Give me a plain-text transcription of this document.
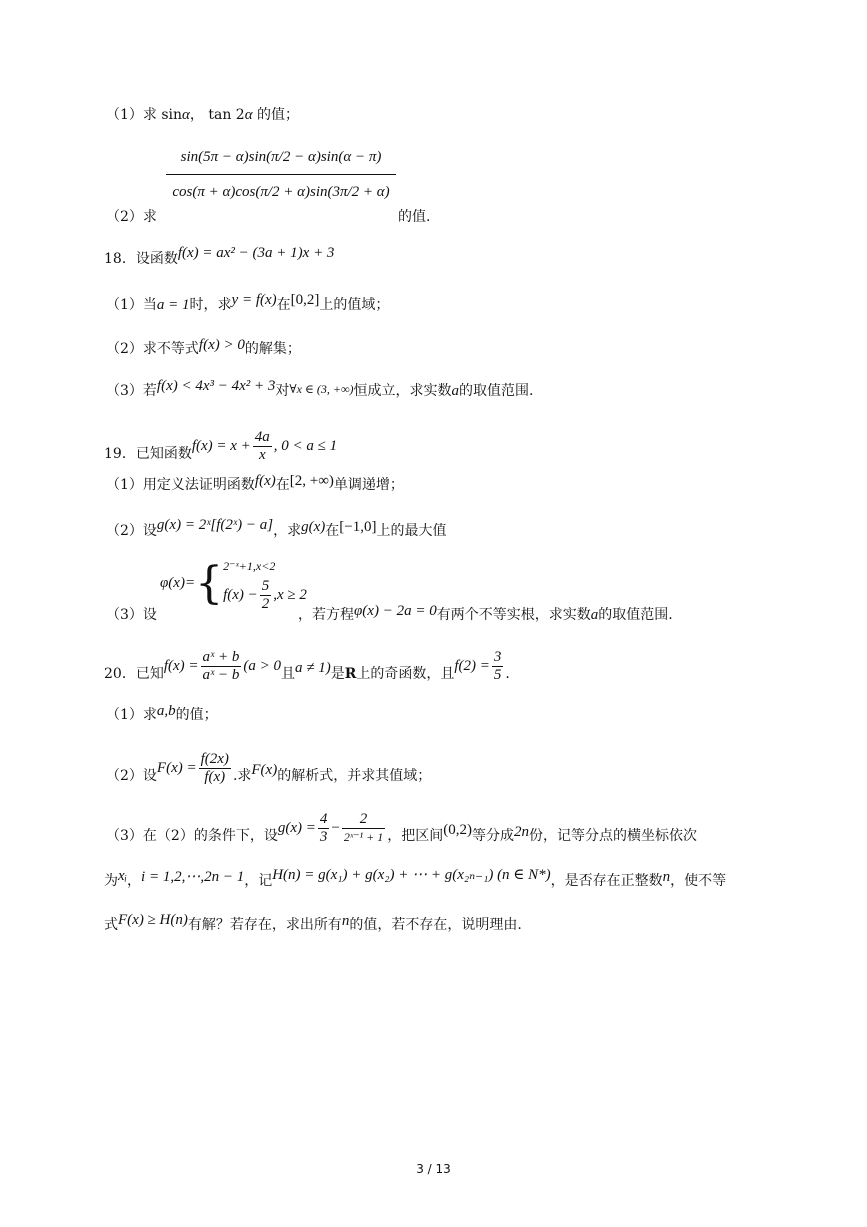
（1）求 sinα， tan 2α 的值；
（2）求
$\frac{\sin(5\pi - \alpha)\sin(\pi/2 - \alpha)\sin(\alpha - \pi)}{\cos(\pi + \alpha)\cos(\pi/2 + \alpha)\sin(3\pi/2 + \alpha)}$
的值.
18．设函数f(x) = ax² − (3a + 1)x + 3
（1）当a = 1时，求y = f(x)在[0,2]上的值域；
（2）求不等式f(x) > 0的解集；
（3）若f(x) < 4x³ − 4x² + 3对∀x ∈ (3, +∞)恒成立，求实数a的取值范围.
19．已知函数$f(x) = x + \frac{4a}{x}$ , 0 < a ≤ 1
（1）用定义法证明函数f(x)在[2, +∞)单调递增；
（2）设g(x) = 2ˣ[f(2ˣ) − a]，求g(x)在[−1,0]上的最大值
（3）设
φ(x)={ 2⁻ˣ+1,x<2
$f(x) - \frac{5}{2} ,x \ge 2$
，若方程φ(x) − 2a = 0有两个不等实根，求实数a的取值范围.
20．已知$f(x) = \frac{\text{aˣ + b}}{\text{aˣ − b}} (a > 0$且a ≠ 1)是R上的奇函数，且$f(2) = \frac{3}{5}$ .
（1）求a,b的值；
（2）设$F(x) = \frac{f(2x)}{f(x)}$ .求F(x)的解析式，并求其值域；
（3）在（2）的条件下，设$g(x) = \frac{4}{3} - \frac{2}{\text{2ˣ⁻¹ + 1}}$ ，把区间(0,2)等分成2n份，记等分点的横坐标依次
为xᵢ，i = 1,2,⋯,2n − 1，记H(n) = g(x₁) + g(x₂) + ⋯ + g(x₂ₙ₋₁) (n ∈ N*)，是否存在正整数n，使不等
式F(x) ≥ H(n)有解？若存在，求出所有n的值，若不存在，说明理由.
3 / 13
